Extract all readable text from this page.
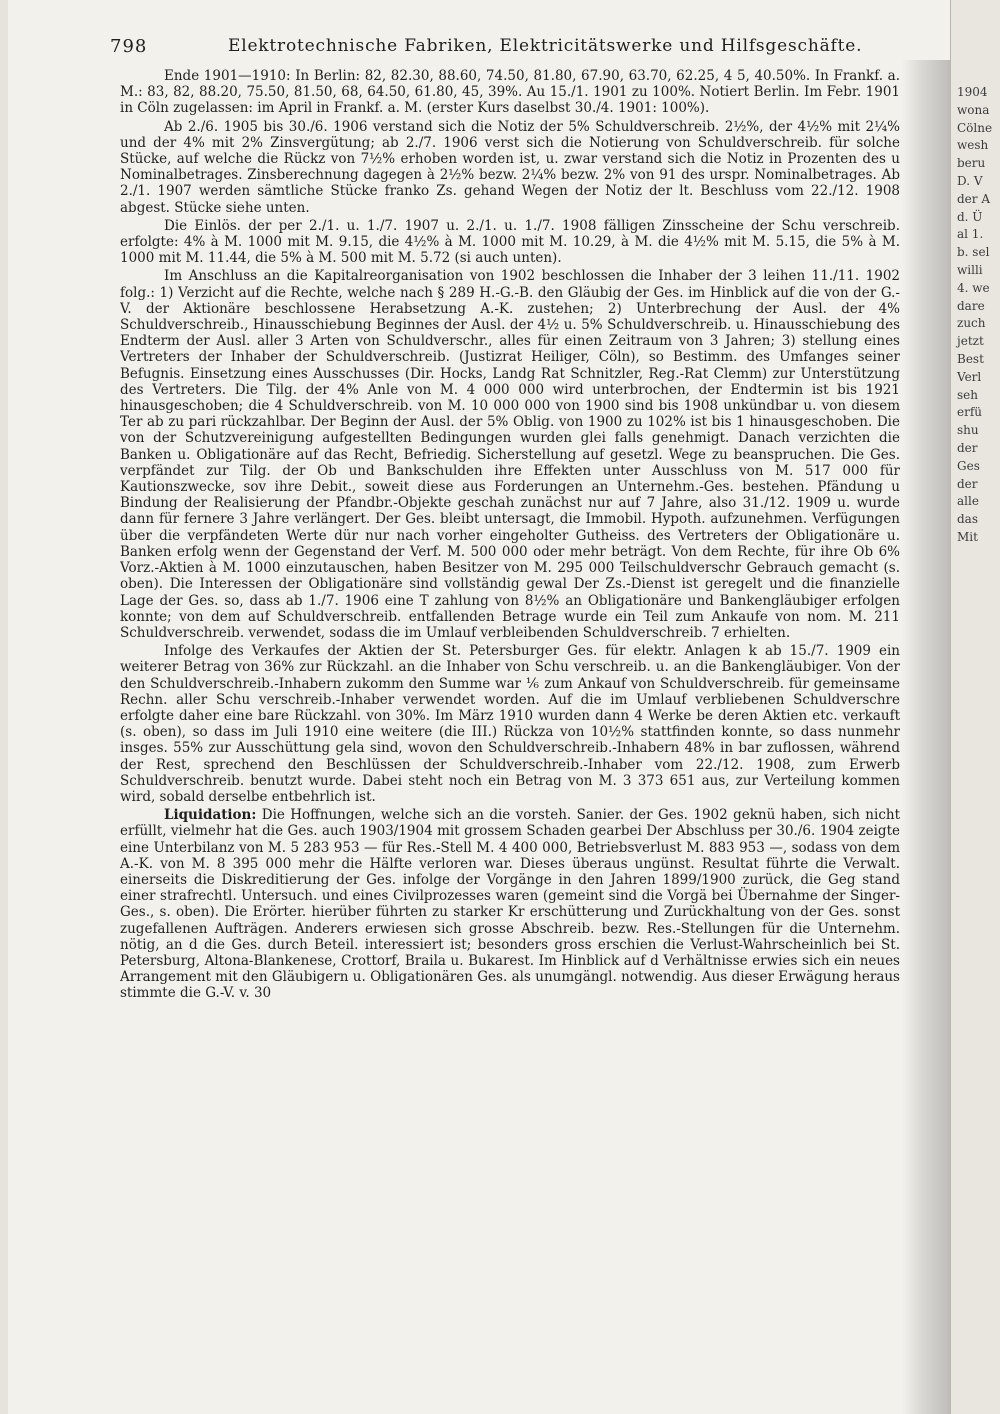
798	Elektrotechnische Fabriken, Elektricitätswerke und Hilfsgeschäfte.

Ende 1901—1910: In Berlin: 82, 82.30, 88.60, 74.50, 81.80, 67.90, 63.70, 62.25, 4 5, 40.50%. In Frankf. a. M.: 83, 82, 88.20, 75.50, 81.50, 68, 64.50, 61.80, 45, 39%. Au 15./1. 1901 zu 100%. Notiert Berlin. Im Febr. 1901 in Cöln zugelassen: im April in Frankf. a. M. (erster Kurs daselbst 30./4. 1901: 100%).

Ab 2./6. 1905 bis 30./6. 1906 verstand sich die Notiz der 5% Schuldverschreib. 2½%, der 4½% mit 2¼% und der 4% mit 2% Zinsvergütung; ab 2./7. 1906 verst sich die Notierung von Schuldverschreib. für solche Stücke, auf welche die Rückz von 7½% erhoben worden ist, u. zwar verstand sich die Notiz in Prozenten des u Nominalbetrages. Zinsberechnung dagegen à 2½% bezw. 2¼% bezw. 2% von 91 des urspr. Nominalbetrages. Ab 2./1. 1907 werden sämtliche Stücke franko Zs. gehand Wegen der Notiz der lt. Beschluss vom 22./12. 1908 abgest. Stücke siehe unten.

Die Einlös. der per 2./1. u. 1./7. 1907 u. 2./1. u. 1./7. 1908 fälligen Zinsscheine der Schu verschreib. erfolgte: 4% à M. 1000 mit M. 9.15, die 4½% à M. 1000 mit M. 10.29, à M. die 4½% mit M. 5.15, die 5% à M. 1000 mit M. 11.44, die 5% à M. 500 mit M. 5.72 (si auch unten).

Im Anschluss an die Kapitalreorganisation von 1902 beschlossen die Inhaber der 3 leihen 11./11. 1902 folg.: 1) Verzicht auf die Rechte, welche nach § 289 H.-G.-B. den Gläubig der Ges. im Hinblick auf die von der G.-V. der Aktionäre beschlossene Herabsetzung A.-K. zustehen; 2) Unterbrechung der Ausl. der 4% Schuldverschreib., Hinausschiebung Beginnes der Ausl. der 4½ u. 5% Schuldverschreib. u. Hinausschiebung des Endterm der Ausl. aller 3 Arten von Schuldverschr., alles für einen Zeitraum von 3 Jahren; 3) stellung eines Vertreters der Inhaber der Schuldverschreib. (Justizrat Heiliger, Cöln), so Bestimm. des Umfanges seiner Befugnis. Einsetzung eines Ausschusses (Dir. Hocks, Landg Rat Schnitzler, Reg.-Rat Clemm) zur Unterstützung des Vertreters. Die Tilg. der 4% Anle von M. 4 000 000 wird unterbrochen, der Endtermin ist bis 1921 hinausgeschoben; die 4 Schuldverschreib. von M. 10 000 000 von 1900 sind bis 1908 unkündbar u. von diesem Ter ab zu pari rückzahlbar. Der Beginn der Ausl. der 5% Oblig. von 1900 zu 102% ist bis 1 hinausgeschoben. Die von der Schutzvereinigung aufgestellten Bedingungen wurden glei falls genehmigt. Danach verzichten die Banken u. Obligationäre auf das Recht, Befriedig. Sicherstellung auf gesetzl. Wege zu beanspruchen. Die Ges. verpfändet zur Tilg. der Ob und Bankschulden ihre Effekten unter Ausschluss von M. 517 000 für Kautionszwecke, sov ihre Debit., soweit diese aus Forderungen an Unternehm.-Ges. bestehen. Pfändung u Bindung der Realisierung der Pfandbr.-Objekte geschah zunächst nur auf 7 Jahre, also 31./12. 1909 u. wurde dann für fernere 3 Jahre verlängert. Der Ges. bleibt untersagt, die Immobil. Hypoth. aufzunehmen. Verfügungen über die verpfändeten Werte dür nur nach vorher eingeholter Gutheiss. des Vertreters der Obligationäre u. Banken erfolg wenn der Gegenstand der Verf. M. 500 000 oder mehr beträgt. Von dem Rechte, für ihre Ob 6% Vorz.-Aktien à M. 1000 einzutauschen, haben Besitzer von M. 295 000 Teilschuldverschr Gebrauch gemacht (s. oben). Die Interessen der Obligationäre sind vollständig gewal Der Zs.-Dienst ist geregelt und die finanzielle Lage der Ges. so, dass ab 1./7. 1906 eine T zahlung von 8½% an Obligationäre und Bankengläubiger erfolgen konnte; von dem auf Schuldverschreib. entfallenden Betrage wurde ein Teil zum Ankaufe von nom. M. 211 Schuldverschreib. verwendet, sodass die im Umlauf verbleibenden Schuldverschreib. 7 erhielten.

Infolge des Verkaufes der Aktien der St. Petersburger Ges. für elektr. Anlagen k ab 15./7. 1909 ein weiterer Betrag von 36% zur Rückzahl. an die Inhaber von Schu verschreib. u. an die Bankengläubiger. Von der den Schuldverschreib.-Inhabern zukomm den Summe war ⅙ zum Ankauf von Schuldverschreib. für gemeinsame Rechn. aller Schu verschreib.-Inhaber verwendet worden. Auf die im Umlauf verbliebenen Schuldverschre erfolgte daher eine bare Rückzahl. von 30%. Im März 1910 wurden dann 4 Werke be deren Aktien etc. verkauft (s. oben), so dass im Juli 1910 eine weitere (die III.) Rückza von 10½% stattfinden konnte, so dass nunmehr insges. 55% zur Ausschüttung gela sind, wovon den Schuldverschreib.-Inhabern 48% in bar zuflossen, während der Rest, sprechend den Beschlüssen der Schuldverschreib.-Inhaber vom 22./12. 1908, zum Erwerb Schuldverschreib. benutzt wurde. Dabei steht noch ein Betrag von M. 3 373 651 aus, zur Verteilung kommen wird, sobald derselbe entbehrlich ist.

Liquidation: Die Hoffnungen, welche sich an die vorsteh. Sanier. der Ges. 1902 geknü haben, sich nicht erfüllt, vielmehr hat die Ges. auch 1903/1904 mit grossem Schaden gearbei Der Abschluss per 30./6. 1904 zeigte eine Unterbilanz von M. 5 283 953 — für Res.-Stell M. 4 400 000, Betriebsverlust M. 883 953 —, sodass von dem A.-K. von M. 8 395 000 mehr die Hälfte verloren war. Dieses überaus ungünst. Resultat führte die Verwalt. einerseits die Diskreditierung der Ges. infolge der Vorgänge in den Jahren 1899/1900 zurück, die Geg stand einer strafrechtl. Untersuch. und eines Civilprozesses waren (gemeint sind die Vorgä bei Übernahme der Singer-Ges., s. oben). Die Erörter. hierüber führten zu starker Kr erschütterung und Zurückhaltung von der Ges. sonst zugefallenen Aufträgen. Anderers erwiesen sich grosse Abschreib. bezw. Res.-Stellungen für die Unternehm. nötig, an d die Ges. durch Beteil. interessiert ist; besonders gross erschien die Verlust-Wahrscheinlich bei St. Petersburg, Altona-Blankenese, Crottorf, Braila u. Bukarest. Im Hinblick auf d Verhältnisse erwies sich ein neues Arrangement mit den Gläubigern u. Obligationären Ges. als unumgängl. notwendig. Aus dieser Erwägung heraus stimmte die G.-V. v. 30

1904
wona
Cölne
wesh
beru
D. V
der A
d. Ü
al 1.
b. sel
willi
4. we
dare
zuch
jetzt
Best
Verl
seh
erfü
shu
der
Ges
der
alle
das
Mit
